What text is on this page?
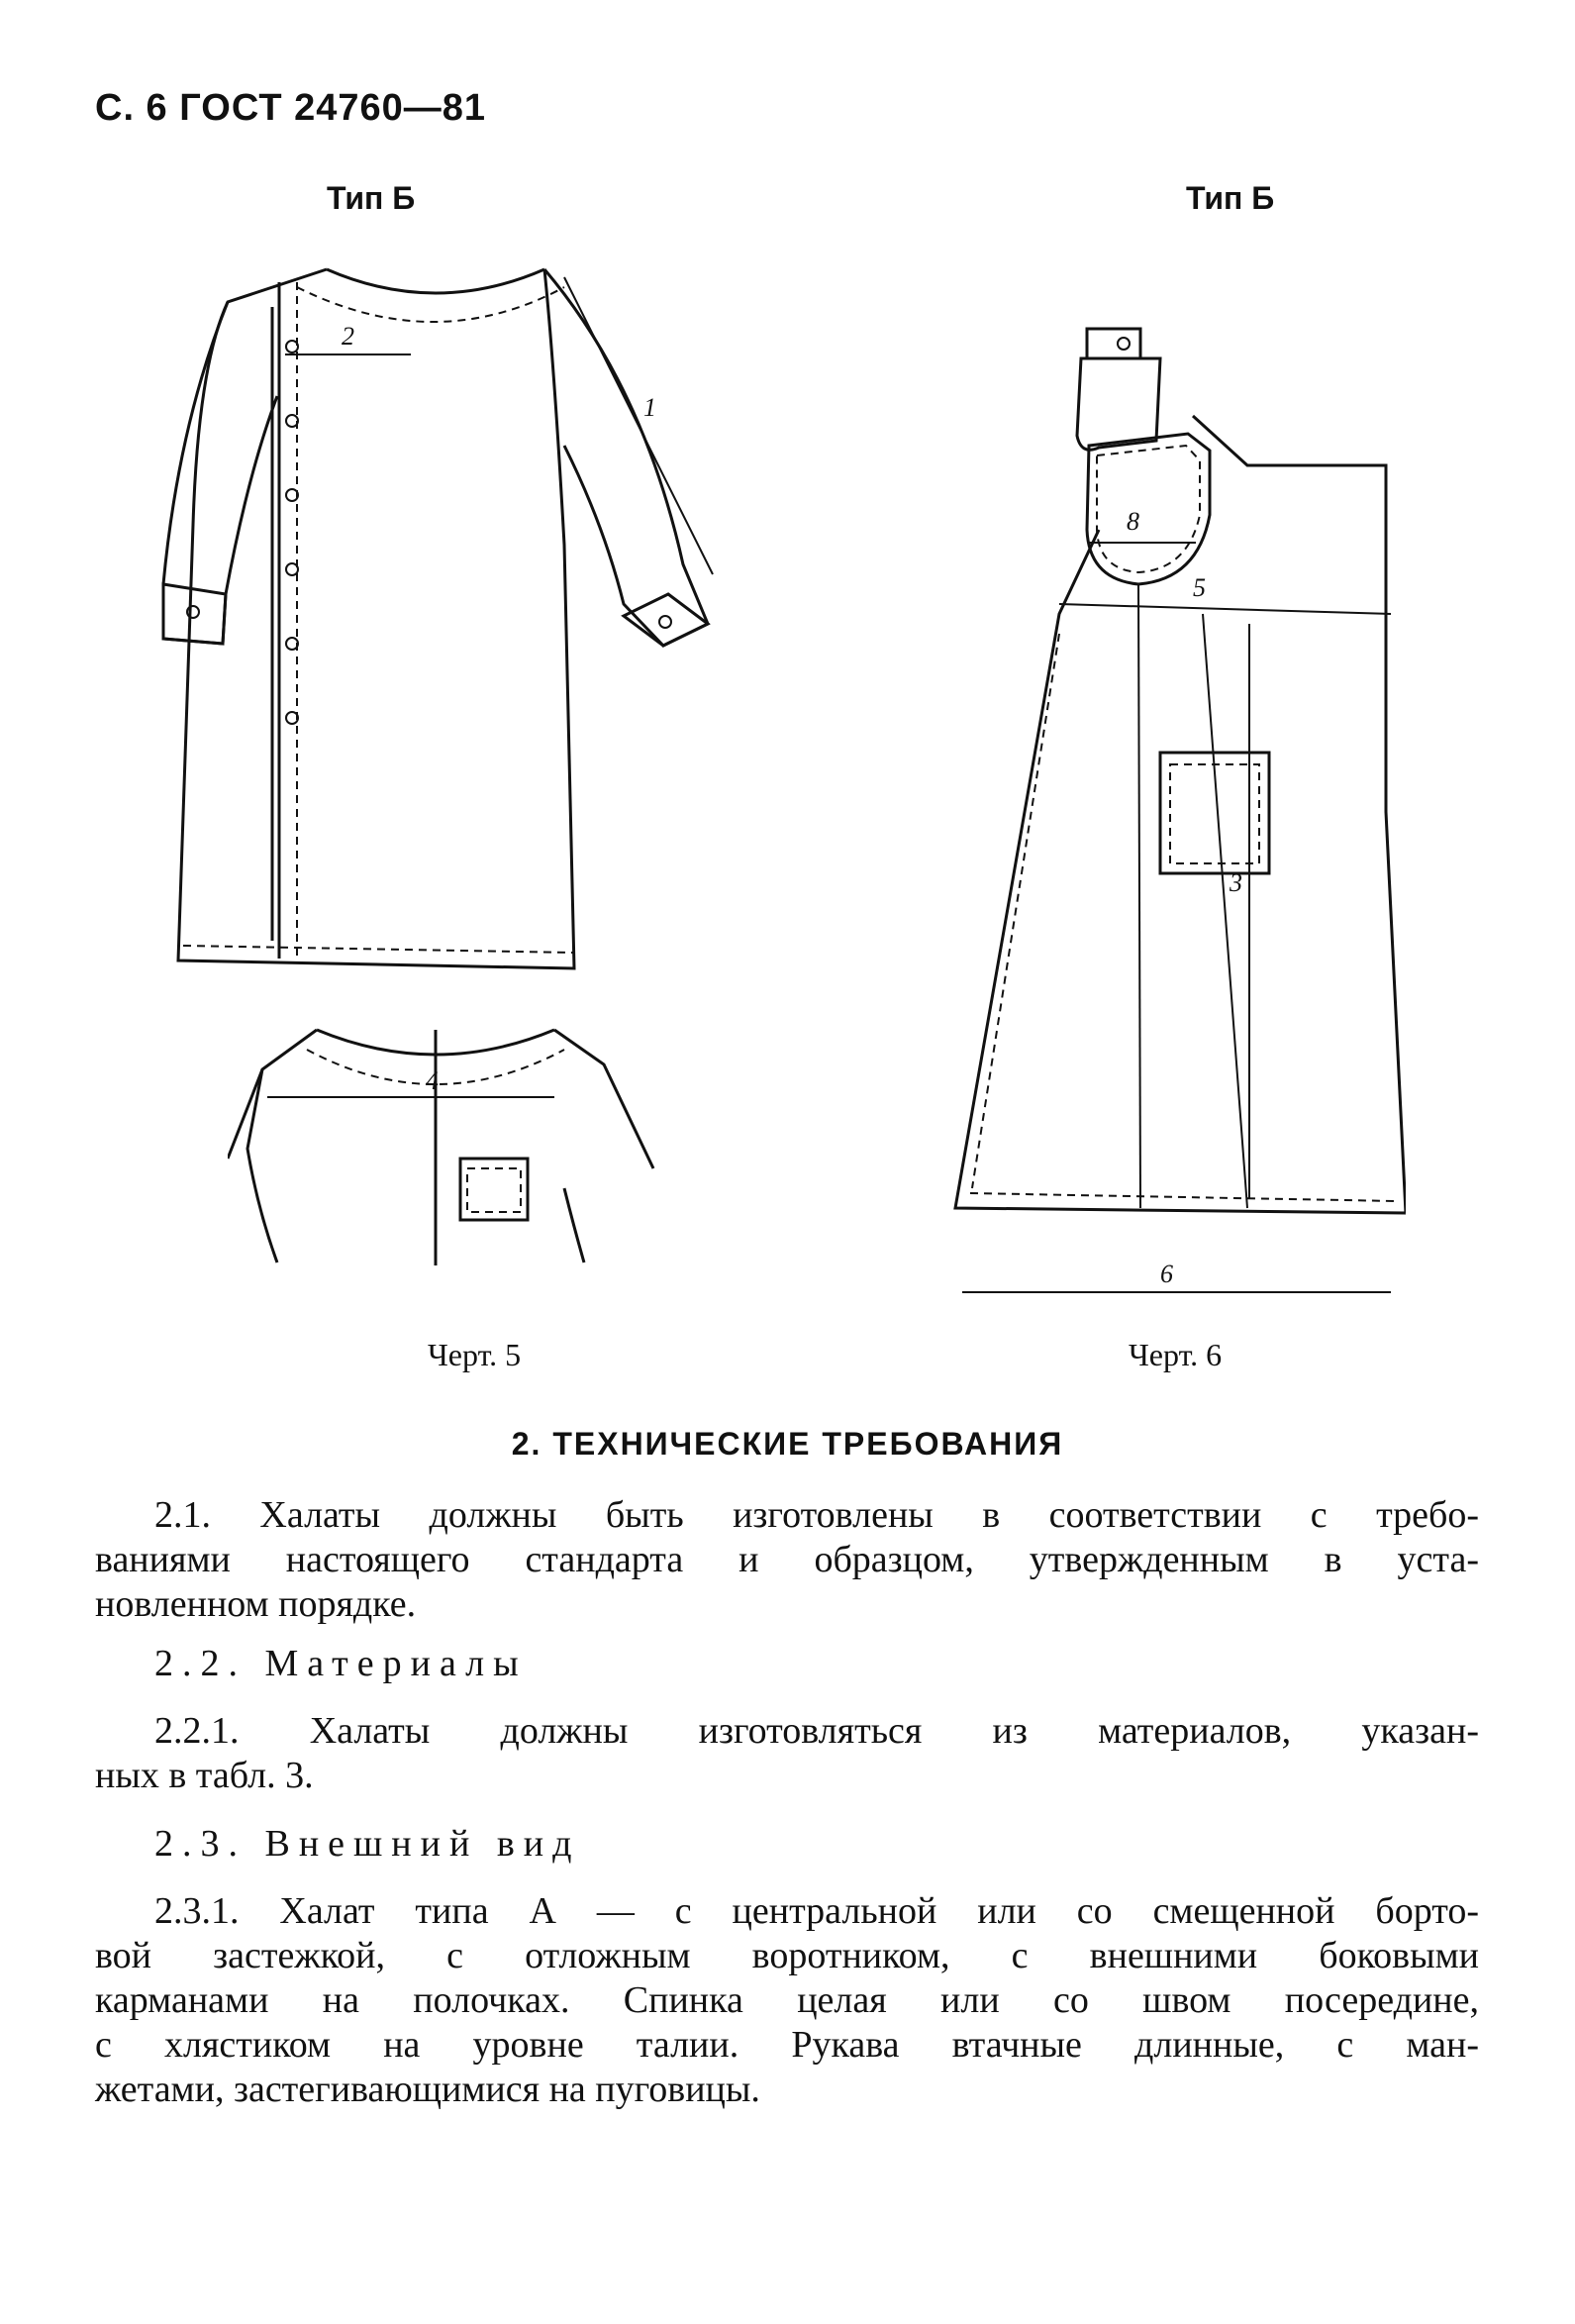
С. 6 ГОСТ 24760—81
Тип Б	Тип Б
2
1
4
8
5
3
6
Черт. 5	Черт. 6
2. ТЕХНИЧЕСКИЕ ТРЕБОВАНИЯ
2.1. Халаты должны быть изготовлены в соответствии с требо-
ваниями настоящего стандарта и образцом, утвержденным в уста-
новленном порядке.
2.2. Материалы
2.2.1. Халаты должны изготовляться из материалов, указан-
ных в табл. 3.
2.3. Внешний вид
2.3.1. Халат типа А — с центральной или со смещенной борто-
вой застежкой, с отложным воротником, с внешними боковыми
карманами на полочках. Спинка целая или со швом посередине,
с хлястиком на уровне талии. Рукава втачные длинные, с ман-
жетами, застегивающимися на пуговицы.
